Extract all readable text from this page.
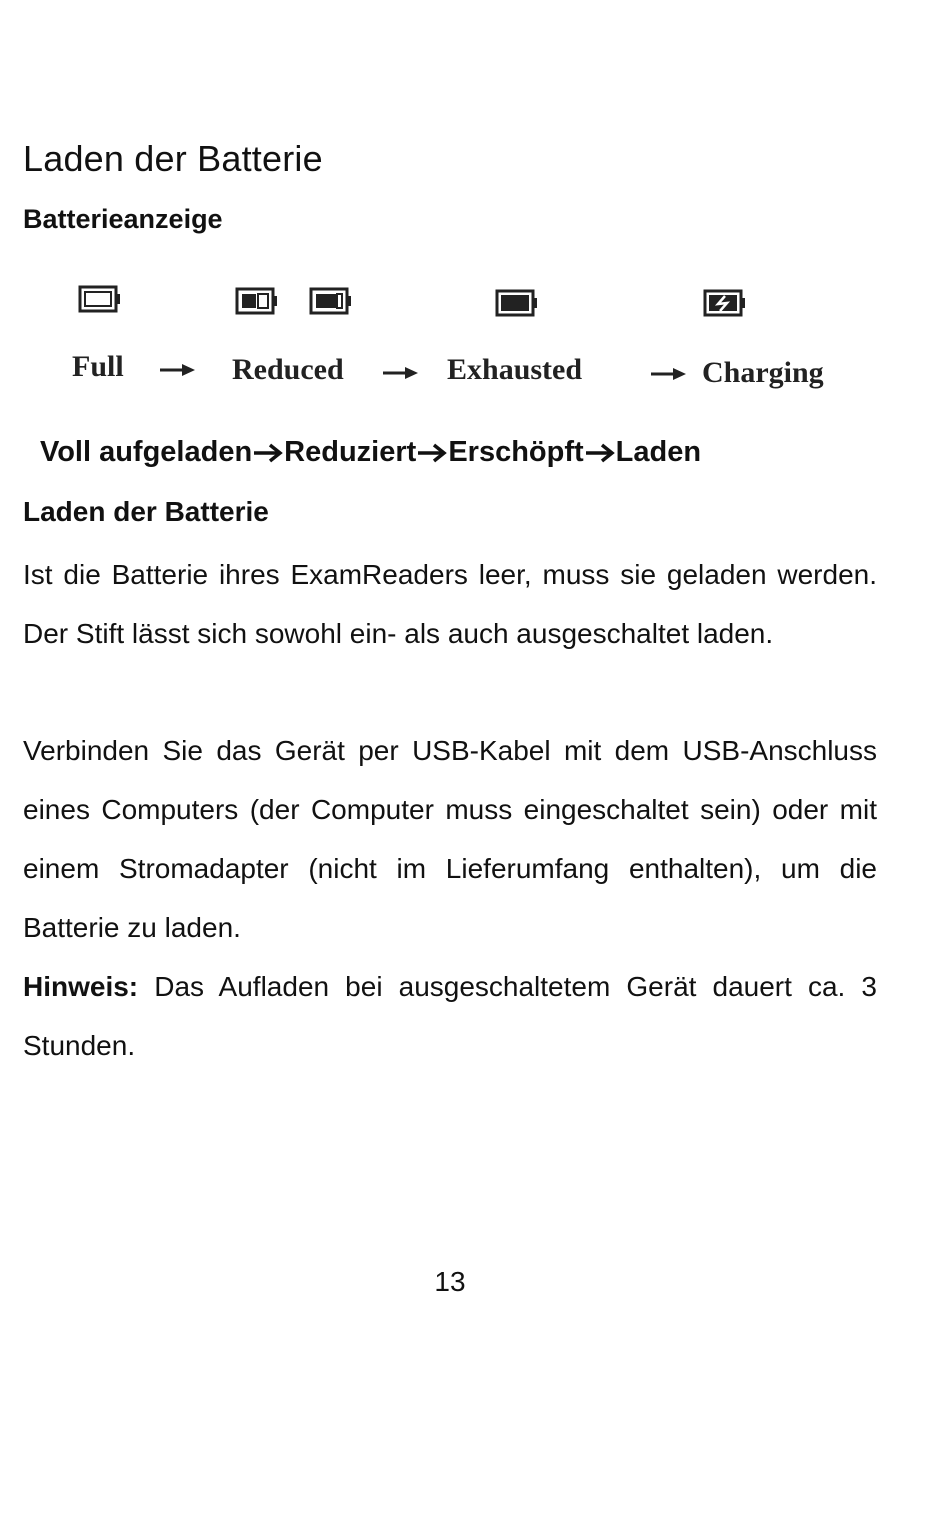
Laden der Batterie
Batterieanzeige
Full	Reduced	Exhausted	Charging

Voll aufgeladen Reduziert Erschöpft Laden

Laden der Batterie

Ist die Batterie ihres ExamReaders leer, muss sie geladen werden. Der Stift lässt sich sowohl ein- als auch ausgeschaltet laden.

Verbinden Sie das Gerät per USB-Kabel mit dem USB-Anschluss eines Computers (der Computer muss eingeschaltet sein) oder mit einem Stromadapter (nicht im Lieferumfang enthalten), um die Batterie zu laden.

Hinweis: Das Aufladen bei ausgeschaltetem Gerät dauert ca. 3 Stunden.

13
